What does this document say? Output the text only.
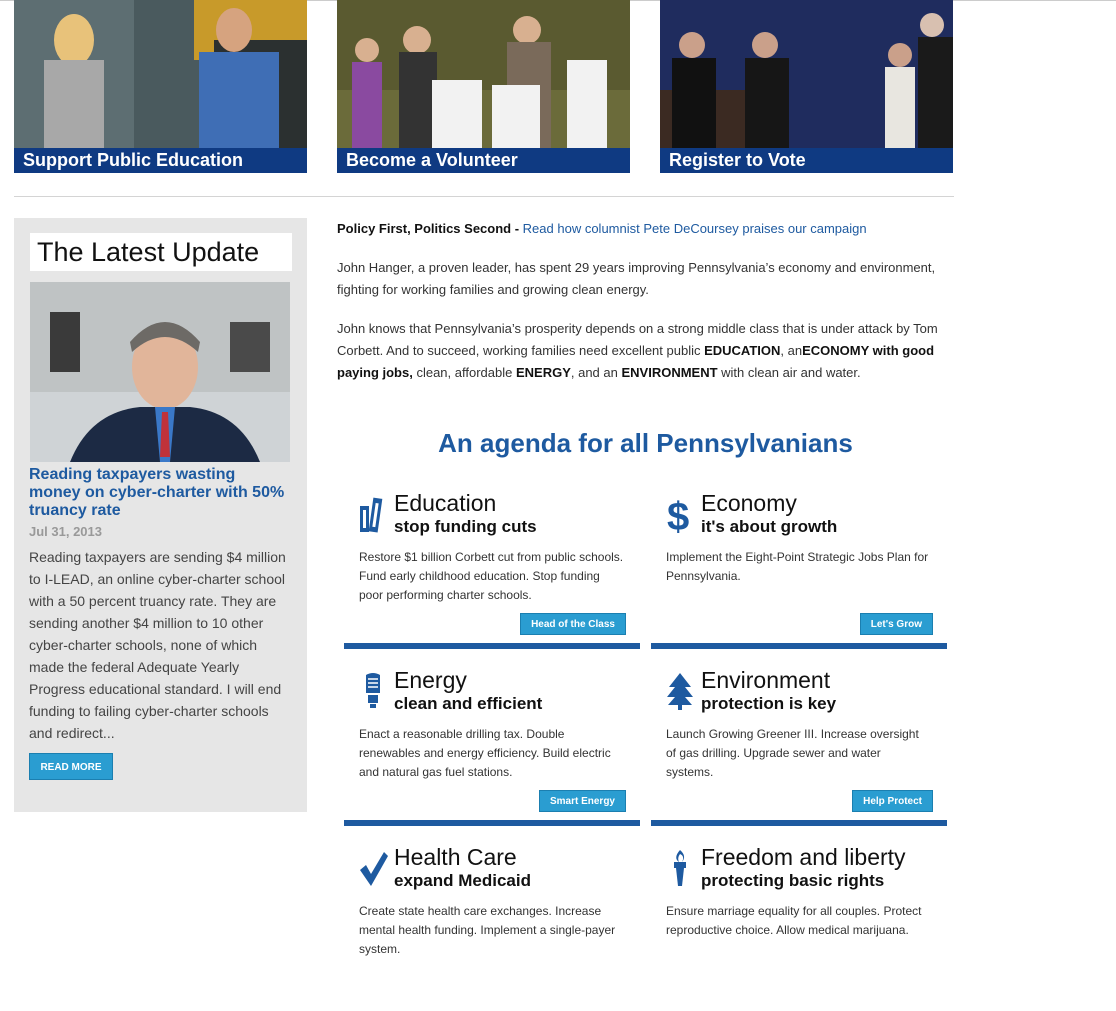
Support Public Education	Become a Volunteer	Register to Vote
The Latest Update
Reading taxpayers wasting money on cyber-charter with 50% truancy rate
Jul 31, 2013
Reading taxpayers are sending $4 million to I-LEAD, an online cyber-charter school with a 50 percent truancy rate. They are sending another $4 million to 10 other cyber-charter schools, none of which made the federal Adequate Yearly Progress educational standard. I will end funding to failing cyber-charter schools and redirect...
READ MORE
Policy First, Politics Second - Read how columnist Pete DeCoursey praises our campaign
John Hanger, a proven leader, has spent 29 years improving Pennsylvania’s economy and environment, fighting for working families and growing clean energy.
John knows that Pennsylvania’s prosperity depends on a strong middle class that is under attack by Tom Corbett. And to succeed, working families need excellent public EDUCATION, anECONOMY with good paying jobs, clean, affordable ENERGY, and an ENVIRONMENT with clean air and water.
An agenda for all Pennsylvanians
Education
stop funding cuts
Restore $1 billion Corbett cut from public schools. Fund early childhood education. Stop funding poor performing charter schools.
Head of the Class
$ Economy
it's about growth
Implement the Eight-Point Strategic Jobs Plan for Pennsylvania.
Let's Grow
Energy
clean and efficient
Enact a reasonable drilling tax. Double renewables and energy efficiency. Build electric and natural gas fuel stations.
Smart Energy
Environment
protection is key
Launch Growing Greener III. Increase oversight of gas drilling. Upgrade sewer and water systems.
Help Protect
Health Care
expand Medicaid
Create state health care exchanges. Increase mental health funding. Implement a single-payer system.
Freedom and liberty
protecting basic rights
Ensure marriage equality for all couples. Protect reproductive choice. Allow medical marijuana.
